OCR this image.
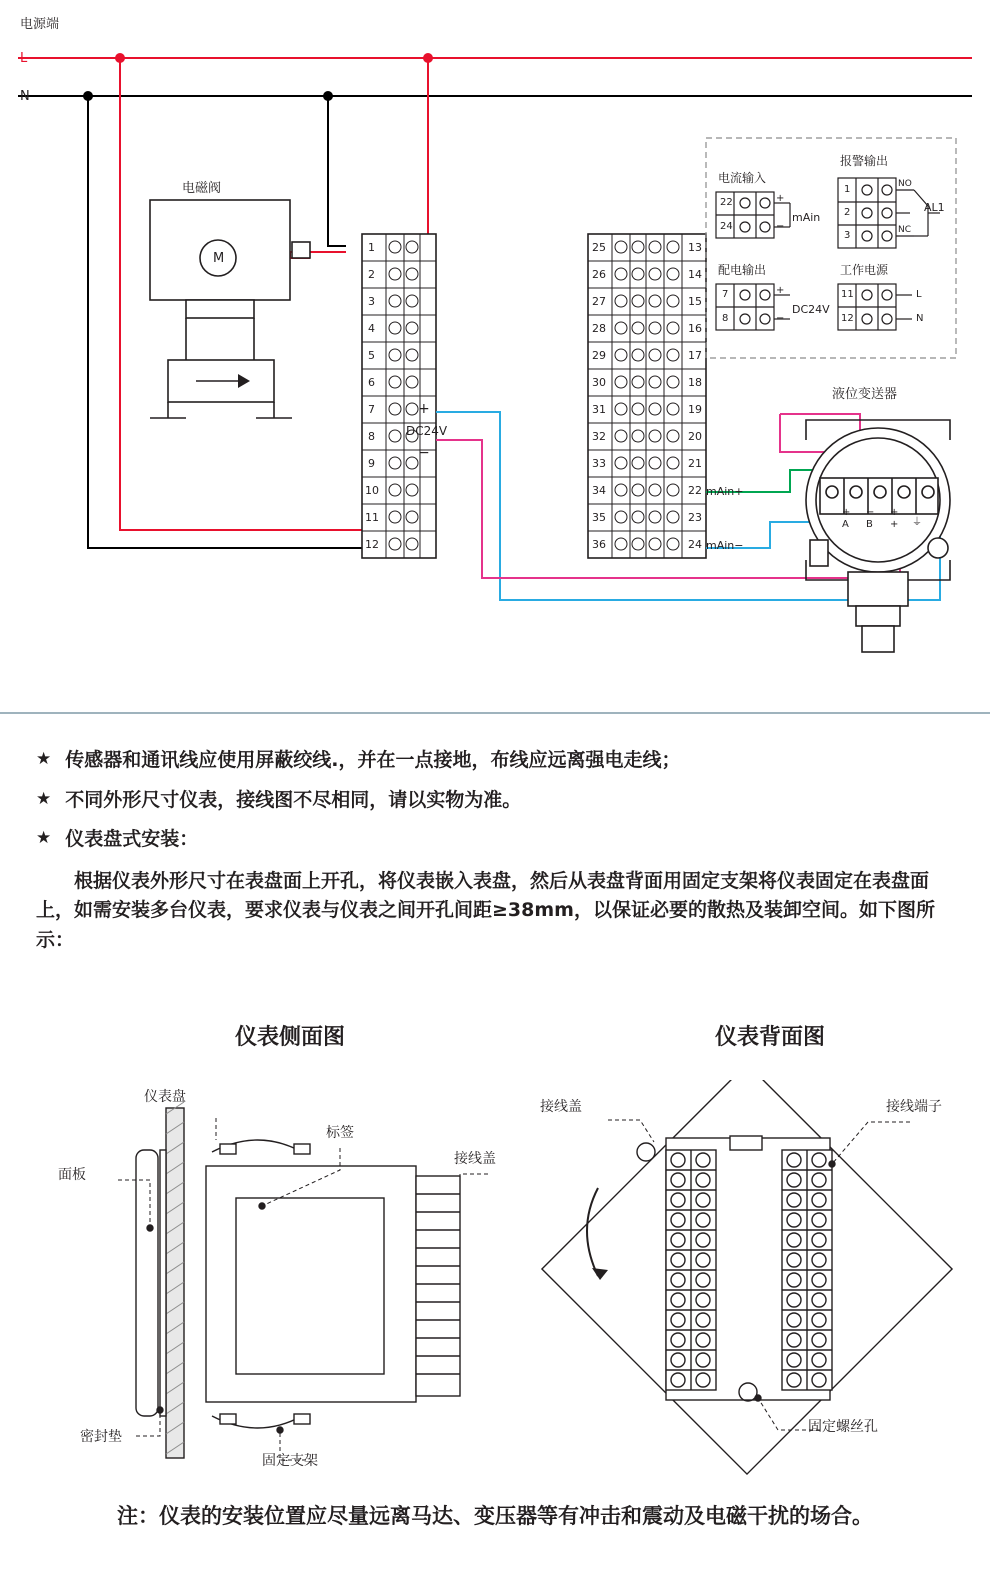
电源端
L
N
电磁阀
M
1
2
3
4
5
6
7
8
9
10
11
12
25
26
27
28
29
30
31
32
33
34
35
36
13
14
15
16
17
18
19
20
21
22
23
24
+
DC24V
−
mAin+
mAin−
电流输入
22
24
+
−
mAin
配电输出
7
8
+
−
DC24V
报警输出
1
2
3
NO
NC
AL1
工作电源
11
12
L
N
液位变送器
+ − +
A B + ⏚
★ 传感器和通讯线应使用屏蔽绞线.，并在一点接地，布线应远离强电走线；
★ 不同外形尺寸仪表，接线图不尽相同，请以实物为准。
★ 仪表盘式安装：
根据仪表外形尺寸在表盘面上开孔，将仪表嵌入表盘，然后从表盘背面用固定支架将仪表固定在表盘面上，如需安装多台仪表，要求仪表与仪表之间开孔间距≥38mm，以保证必要的散热及装卸空间。如下图所示：
仪表侧面图	仪表背面图
仪表盘
面板
标签
接线盖
密封垫
固定支架
接线盖	接线端子
固定螺丝孔
注：仪表的安装位置应尽量远离马达、变压器等有冲击和震动及电磁干扰的场合。
